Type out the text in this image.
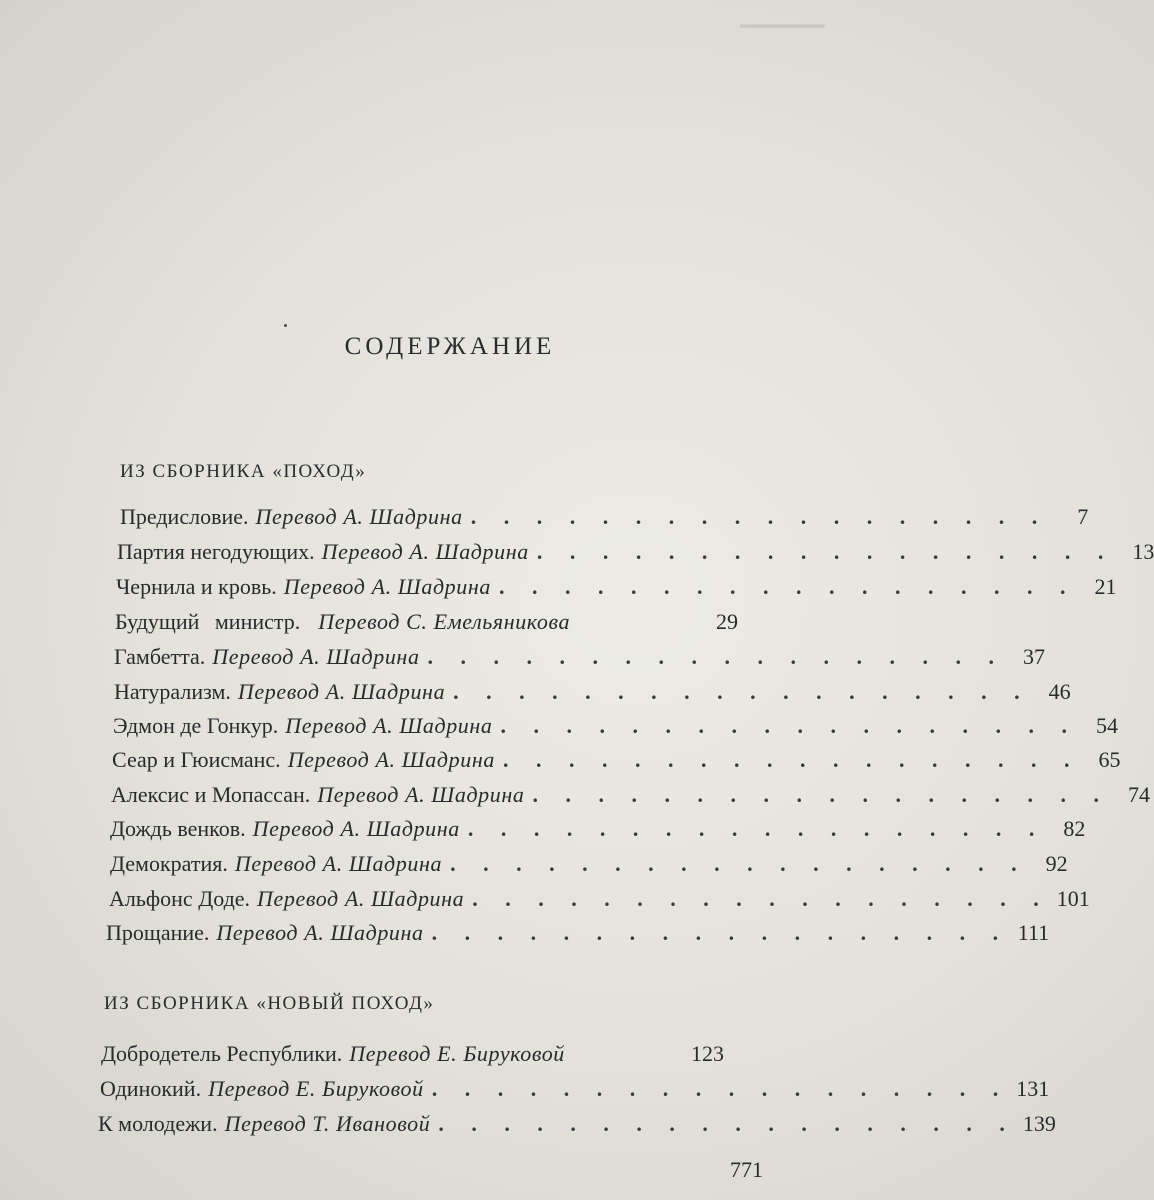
━━━━━━━
СОДЕРЖАНИЕ
ИЗ СБОРНИКА «ПОХОД»
Предисловие. Перевод А. Шадрина . . . . . . . . . . . . . . . . . .	7
Партия негодующих. Перевод А. Шадрина . . . . . . . . . . . . . . . . . . 13
Чернила и кровь. Перевод А. Шадрина . . . . . . . . . . . . . . . . . . 21
Будущий министр. Перевод С. Емельяникова	29
Гамбетта. Перевод А. Шадрина . . . . . . . . . . . . . . . . . . 37
Натурализм. Перевод А. Шадрина . . . . . . . . . . . . . . . . . . 46
Эдмон де Гонкур. Перевод А. Шадрина . . . . . . . . . . . . . . . . . . 54
Сеар и Гюисманс. Перевод А. Шадрина . . . . . . . . . . . . . . . . . . 65
Алексис и Мопассан. Перевод А. Шадрина . . . . . . . . . . . . . . . . . . 74
Дождь венков. Перевод А. Шадрина . . . . . . . . . . . . . . . . . . 82
Демократия. Перевод А. Шадрина . . . . . . . . . . . . . . . . . . 92
Альфонс Доде. Перевод А. Шадрина . . . . . . . . . . . . . . . . . . 101
Прощание. Перевод А. Шадрина . . . . . . . . . . . . . . . . . . 111
ИЗ СБОРНИКА «НОВЫЙ ПОХОД»
Добродетель Республики. Перевод Е. Бируковой	123
Одинокий. Перевод Е. Бируковой . . . . . . . . . . . . . . . . . . 131
К молодежи. Перевод Т. Ивановой . . . . . . . . . . . . . . . . . . 139
771
